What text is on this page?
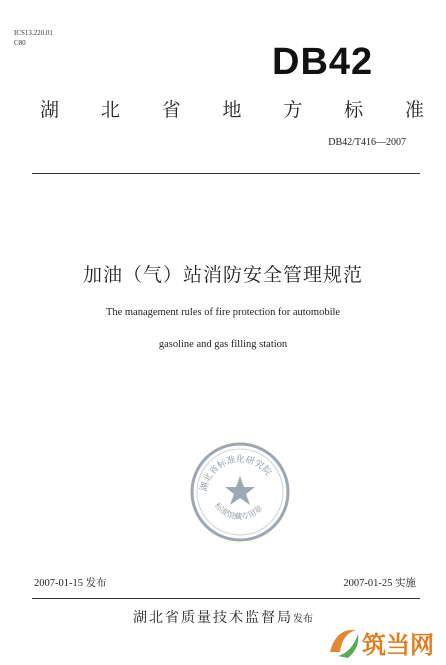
ICS13.220.01
C80	DB42
湖 北 省 地 方 标 准
DB42/T416—2007
加油（气）站消防安全管理规范
The management rules of fire protection for automobile
gasoline and gas filling station
湖北省标准化研究院
标准馆藏专用章
2007-01-15 发布	2007-01-25 实施
湖北省质量技术监督局发布
筑当网
